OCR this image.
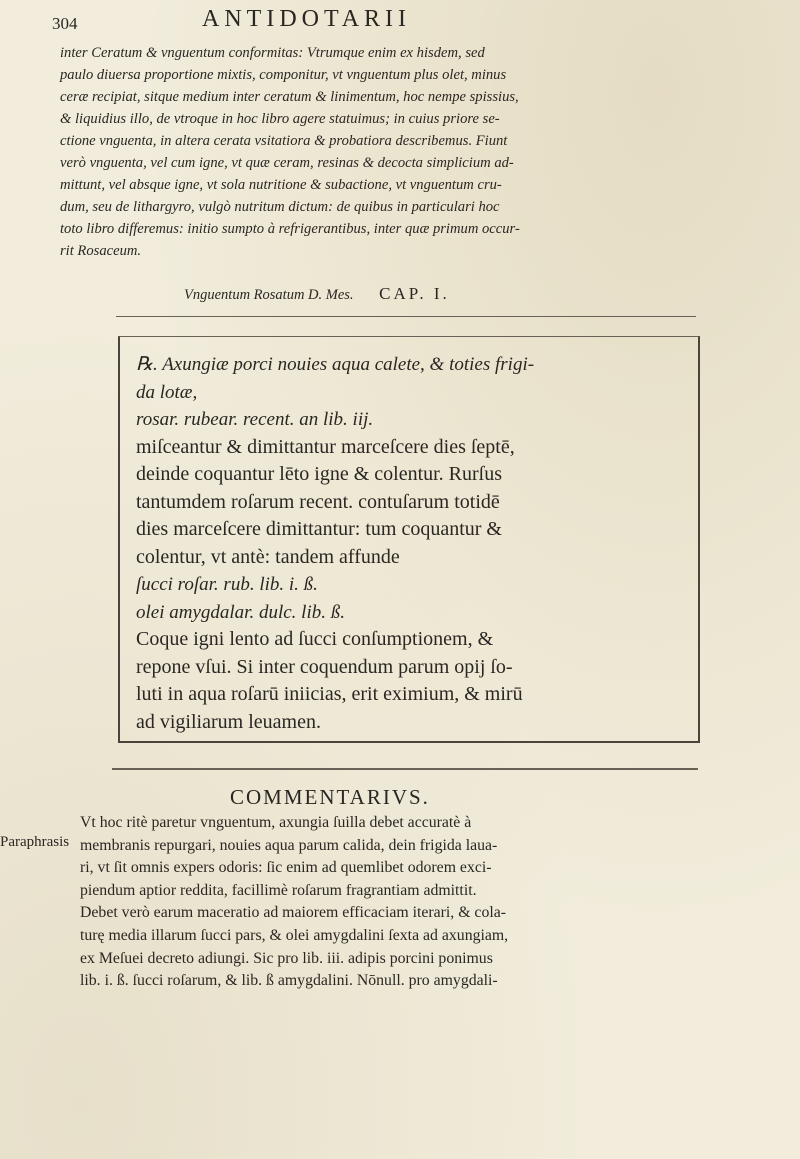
304	ANTIDOTARII

inter Ceratum & vnguentum conformitas: Vtrumque enim ex hisdem, sed
paulo diuersa proportione mixtis, componitur, vt vnguentum plus olet, minus
ceræ recipiat, sitque medium inter ceratum & linimentum, hoc nempe spissius,
& liquidius illo, de vtroque in hoc libro agere statuimus; in cuius priore se-
ctione vnguenta, in altera cerata vsitatiora & probatiora describemus. Fiunt
verò vnguenta, vel cum igne, vt quæ ceram, resinas & decocta simplicium ad-
mittunt, vel absque igne, vt sola nutritione & subactione, vt vnguentum cru-
dum, seu de lithargyro, vulgò nutritum dictum: de quibus in particulari hoc
toto libro differemus: initio sumpto à refrigerantibus, inter quæ primum occur-
rit Rosaceum.

Vnguentum Rosatum D. Mes. CAP. I.
℞. Axungiæ porci nouies aqua calete, & toties frigi-
da lotæ,
rosar. rubear. recent. an lib. iij.
miſceantur & dimittantur marceſcere dies ſeptē,
deinde coquantur lēto igne & colentur. Rurſus
tantumdem roſarum recent. contuſarum totidē
dies marceſcere dimittantur: tum coquantur &
colentur, vt antè: tandem affunde
ſucci roſar. rub. lib. i. ß.
olei amygdalar. dulc. lib. ß.
Coque igni lento ad ſucci conſumptionem, &
repone vſui. Si inter coquendum parum opij ſo-
luti in aqua roſarū iniicias, erit eximium, & mirū
ad vigiliarum leuamen.
COMMENTARIVS.
Paraphrasis
Vt hoc ritè paretur vnguentum, axungia ſuilla debet accuratè à
membranis repurgari, nouies aqua parum calida, dein frigida laua-
ri, vt ſit omnis expers odoris: ſic enim ad quemlibet odorem exci-
piendum aptior reddita, facillimè roſarum fragrantiam admittit.
Debet verò earum maceratio ad maiorem efficaciam iterari, & cola-
turę media illarum ſucci pars, & olei amygdalini ſexta ad axungiam,
ex Meſuei decreto adiungi. Sic pro lib. iii. adipis porcini ponimus
lib. i. ß. ſucci roſarum, & lib. ß amygdalini. Nōnull. pro amygdali-
